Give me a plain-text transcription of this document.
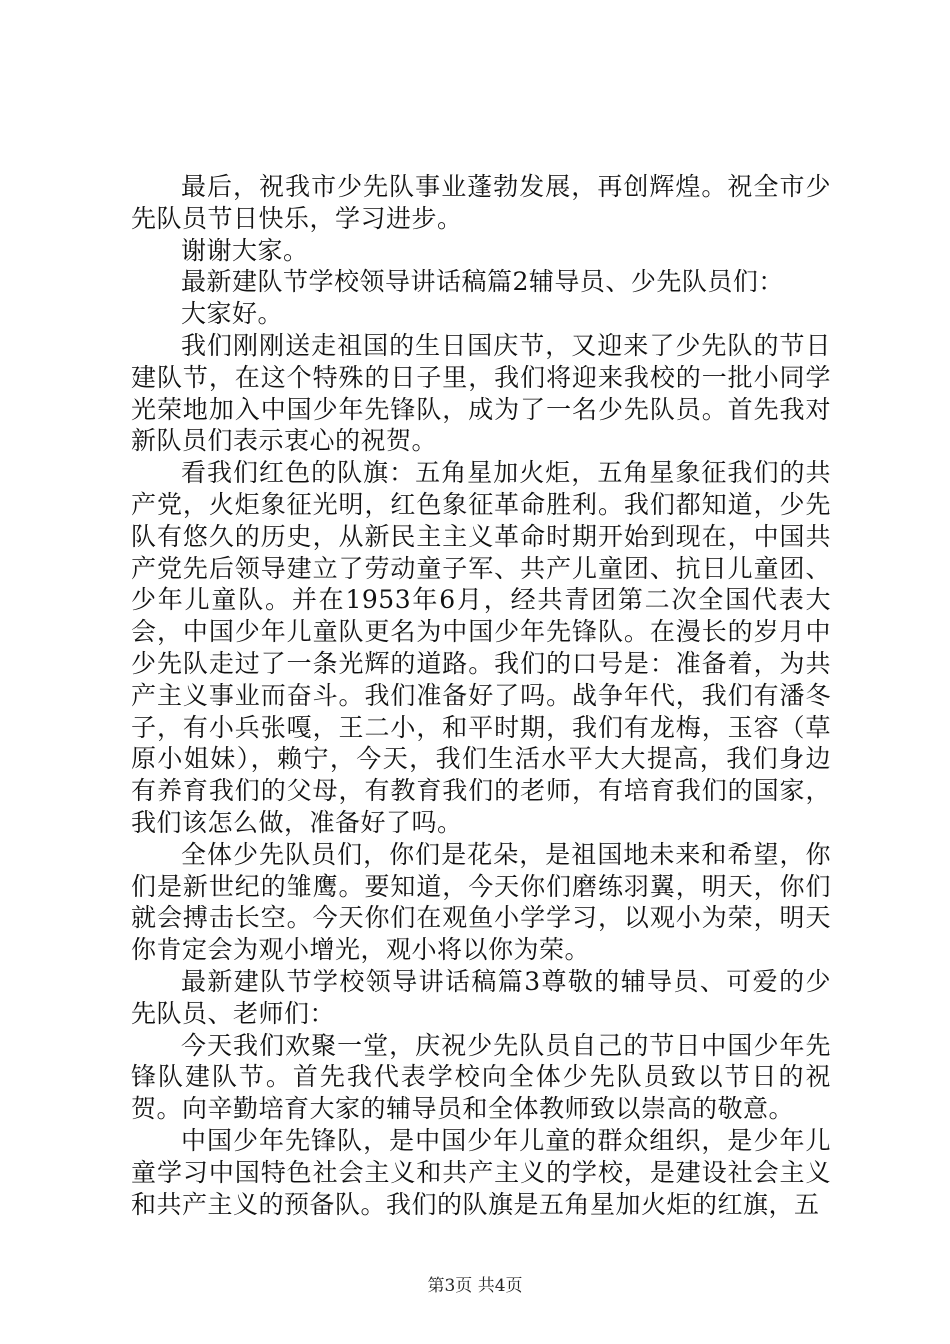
最后，祝我市少先队事业蓬勃发展，再创辉煌。祝全市少先队员节日快乐，学习进步。

谢谢大家。

最新建队节学校领导讲话稿篇2辅导员、少先队员们：

大家好。

我们刚刚送走祖国的生日国庆节，又迎来了少先队的节日建队节，在这个特殊的日子里，我们将迎来我校的一批小同学光荣地加入中国少年先锋队，成为了一名少先队员。首先我对新队员们表示衷心的祝贺。

看我们红色的队旗：五角星加火炬，五角星象征我们的共产党，火炬象征光明，红色象征革命胜利。我们都知道，少先队有悠久的历史，从新民主主义革命时期开始到现在，中国共产党先后领导建立了劳动童子军、共产儿童团、抗日儿童团、少年儿童队。并在1953年6月，经共青团第二次全国代表大会，中国少年儿童队更名为中国少年先锋队。在漫长的岁月中少先队走过了一条光辉的道路。我们的口号是：准备着，为共产主义事业而奋斗。我们准备好了吗。战争年代，我们有潘冬子，有小兵张嘎，王二小，和平时期，我们有龙梅，玉容（草原小姐妹），赖宁，今天，我们生活水平大大提高，我们身边有养育我们的父母，有教育我们的老师，有培育我们的国家，我们该怎么做，准备好了吗。

全体少先队员们，你们是花朵，是祖国地未来和希望，你们是新世纪的雏鹰。要知道，今天你们磨练羽翼，明天，你们就会搏击长空。今天你们在观鱼小学学习，以观小为荣，明天你肯定会为观小增光，观小将以你为荣。

最新建队节学校领导讲话稿篇3尊敬的辅导员、可爱的少先队员、老师们：

今天我们欢聚一堂，庆祝少先队员自己的节日中国少年先锋队建队节。首先我代表学校向全体少先队员致以节日的祝贺。向辛勤培育大家的辅导员和全体教师致以崇高的敬意。

中国少年先锋队，是中国少年儿童的群众组织，是少年儿童学习中国特色社会主义和共产主义的学校，是建设社会主义和共产主义的预备队。我们的队旗是五角星加火炬的红旗，五

第3页 共4页
